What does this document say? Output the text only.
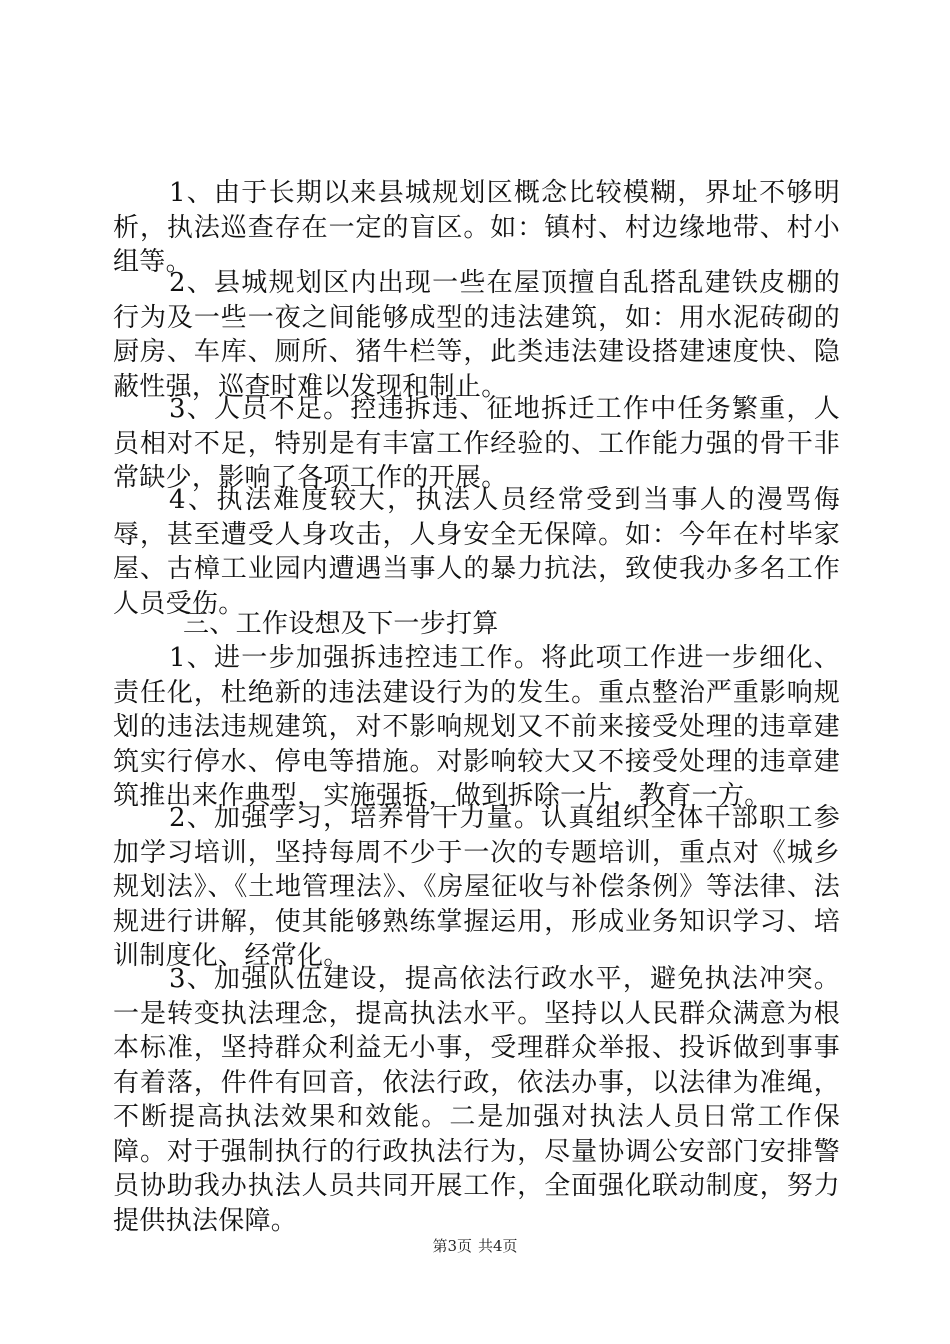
1、由于长期以来县城规划区概念比较模糊，界址不够明析，执法巡查存在一定的盲区。如：镇村、村边缘地带、村小组等。

2、县城规划区内出现一些在屋顶擅自乱搭乱建铁皮棚的行为及一些一夜之间能够成型的违法建筑，如：用水泥砖砌的厨房、车库、厕所、猪牛栏等，此类违法建设搭建速度快、隐蔽性强，巡查时难以发现和制止。

3、人员不足。控违拆违、征地拆迁工作中任务繁重，人员相对不足，特别是有丰富工作经验的、工作能力强的骨干非常缺少，影响了各项工作的开展。

4、执法难度较大，执法人员经常受到当事人的漫骂侮辱，甚至遭受人身攻击，人身安全无保障。如：今年在村毕家屋、古樟工业园内遭遇当事人的暴力抗法，致使我办多名工作人员受伤。

三、工作设想及下一步打算

1、进一步加强拆违控违工作。将此项工作进一步细化、责任化，杜绝新的违法建设行为的发生。重点整治严重影响规划的违法违规建筑，对不影响规划又不前来接受处理的违章建筑实行停水、停电等措施。对影响较大又不接受处理的违章建筑推出来作典型，实施强拆，做到拆除一片，教育一方。

2、加强学习，培养骨干力量。认真组织全体干部职工参加学习培训，坚持每周不少于一次的专题培训，重点对《城乡规划法》、《土地管理法》、《房屋征收与补偿条例》等法律、法规进行讲解，使其能够熟练掌握运用，形成业务知识学习、培训制度化、经常化。

3、加强队伍建设，提高依法行政水平，避免执法冲突。一是转变执法理念，提高执法水平。坚持以人民群众满意为根本标准，坚持群众利益无小事，受理群众举报、投诉做到事事有着落，件件有回音，依法行政，依法办事，以法律为准绳，不断提高执法效果和效能。二是加强对执法人员日常工作保障。对于强制执行的行政执法行为，尽量协调公安部门安排警员协助我办执法人员共同开展工作，全面强化联动制度，努力提供执法保障。

第3页 共4页
